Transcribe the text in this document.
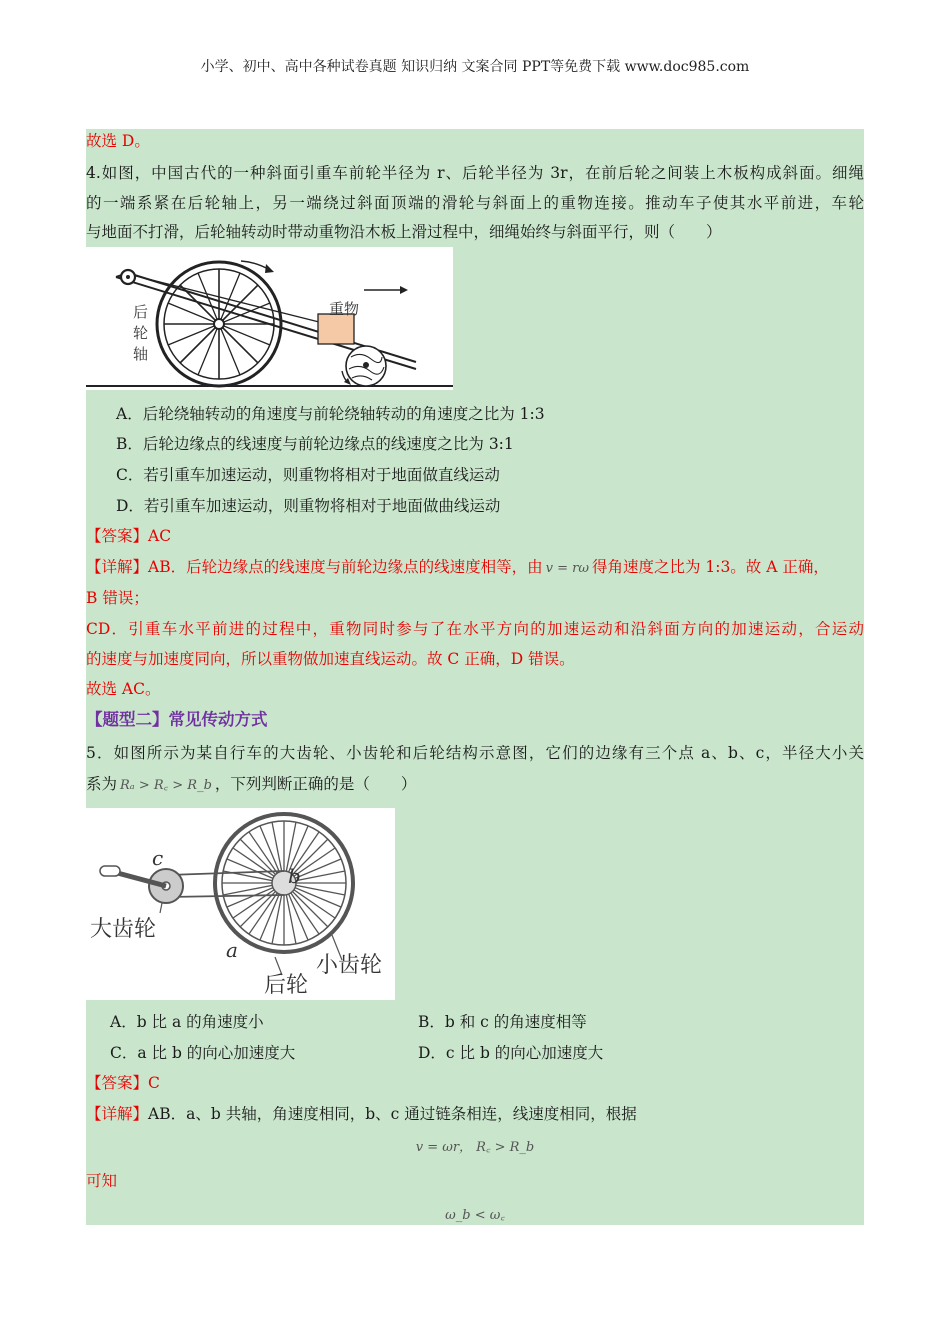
小学、初中、高中各种试卷真题 知识归纳 文案合同 PPT等免费下载 www.doc985.com
故选 D。
4.如图，中国古代的一种斜面引重车前轮半径为 r、后轮半径为 3r，在前后轮之间装上木板构成斜面。细绳
的一端系紧在后轮轴上，另一端绕过斜面顶端的滑轮与斜面上的重物连接。推动车子使其水平前进，车轮
与地面不打滑，后轮轴转动时带动重物沿木板上滑过程中，细绳始终与斜面平行，则（　　）
后
轮
轴
重物
A．后轮绕轴转动的角速度与前轮绕轴转动的角速度之比为 1:3
B．后轮边缘点的线速度与前轮边缘点的线速度之比为 3:1
C．若引重车加速运动，则重物将相对于地面做直线运动
D．若引重车加速运动，则重物将相对于地面做曲线运动
【答案】AC
【详解】AB．后轮边缘点的线速度与前轮边缘点的线速度相等，由 v = rω 得角速度之比为 1:3。故 A 正确，
B 错误；
CD．引重车水平前进的过程中，重物同时参与了在水平方向的加速运动和沿斜面方向的加速运动，合运动
的速度与加速度同向，所以重物做加速直线运动。故 C 正确，D 错误。
故选 AC。
【题型二】常见传动方式
5．如图所示为某自行车的大齿轮、小齿轮和后轮结构示意图，它们的边缘有三个点 a、b、c，半径大小关
系为 Rₐ > R꜀ > R_b ，下列判断正确的是（　　）
c
b
a
大齿轮
小齿轮
后轮
A．b 比 a 的角速度小	B．b 和 c 的角速度相等
C．a 比 b 的向心加速度大	D．c 比 b 的向心加速度大
【答案】C
【详解】AB．a、b 共轴，角速度相同，b、c 通过链条相连，线速度相同，根据
v = ωr， R꜀ > R_b
可知
ω_b < ω꜀
